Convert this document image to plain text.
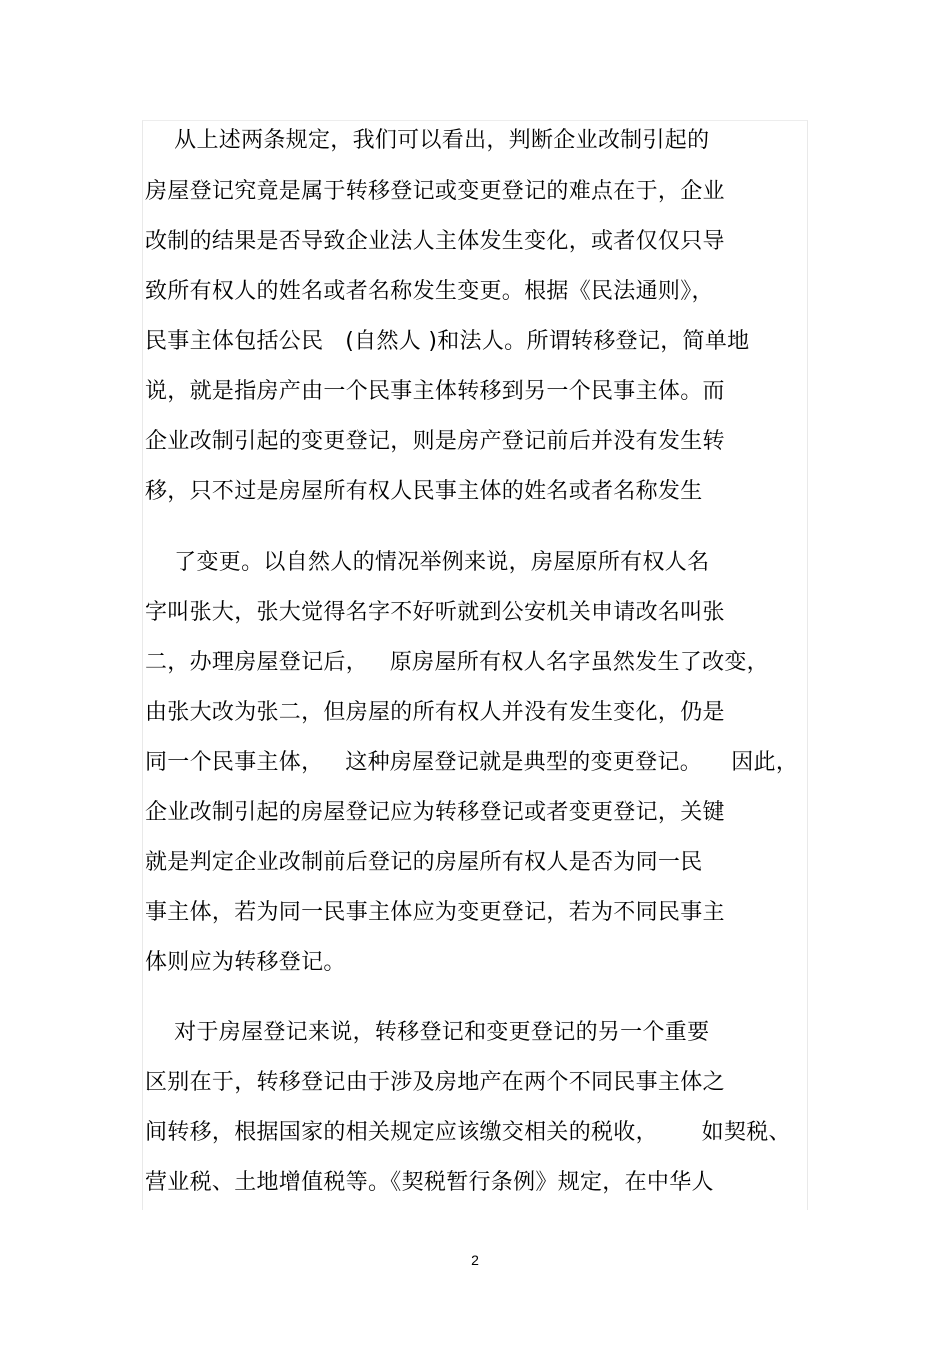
从上述两条规定，我们可以看出，判断企业改制引起的
房屋登记究竟是属于转移登记或变更登记的难点在于，企业
改制的结果是否导致企业法人主体发生变化，或者仅仅只导
致所有权人的姓名或者名称发生变更。根据《民法通则》，
民事主体包括公民   (自然人 )和法人。所谓转移登记，简单地
说，就是指房产由一个民事主体转移到另一个民事主体。而
企业改制引起的变更登记，则是房产登记前后并没有发生转
移，只不过是房屋所有权人民事主体的姓名或者名称发生
了变更。以自然人的情况举例来说，房屋原所有权人名
字叫张大，张大觉得名字不好听就到公安机关申请改名叫张
二，办理房屋登记后，   原房屋所有权人名字虽然发生了改变，
由张大改为张二，但房屋的所有权人并没有发生变化，仍是
同一个民事主体，   这种房屋登记就是典型的变更登记。    因此，
企业改制引起的房屋登记应为转移登记或者变更登记，关键
就是判定企业改制前后登记的房屋所有权人是否为同一民
事主体，若为同一民事主体应为变更登记，若为不同民事主
体则应为转移登记。
对于房屋登记来说，转移登记和变更登记的另一个重要
区别在于，转移登记由于涉及房地产在两个不同民事主体之
间转移，根据国家的相关规定应该缴交相关的税收，      如契税、
营业税、土地增值税等。《契税暂行条例》规定，在中华人
2
